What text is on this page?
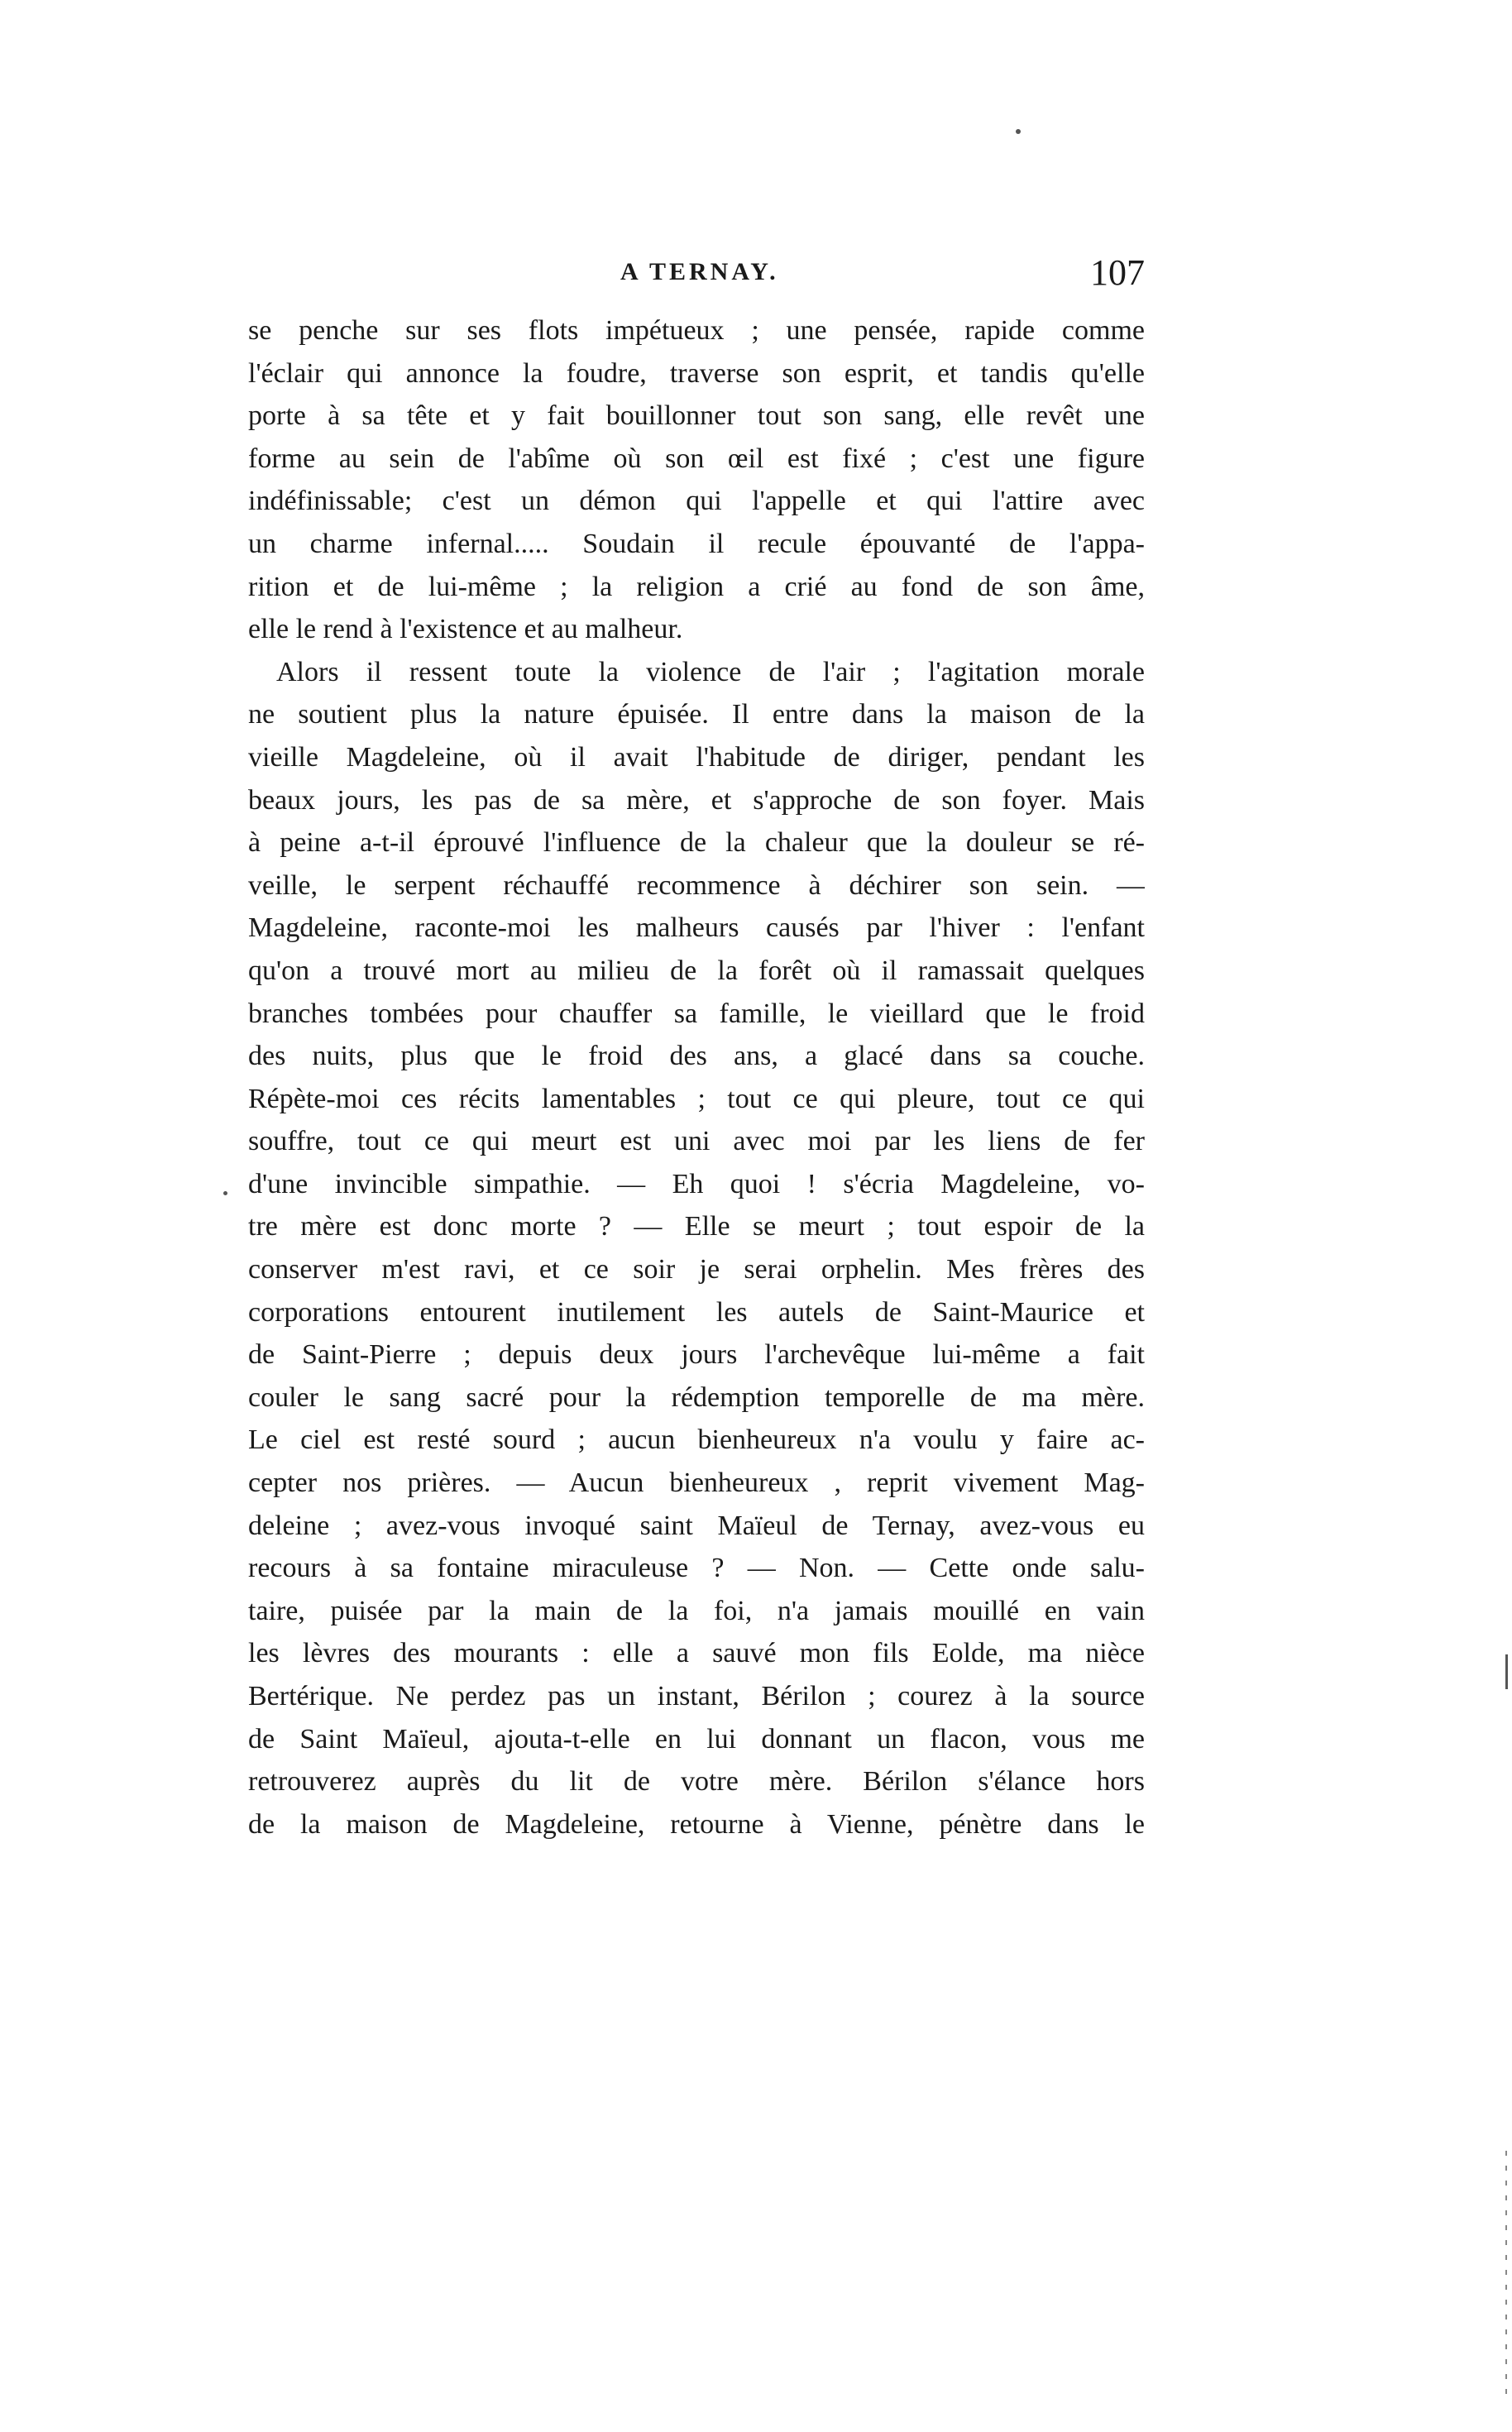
A TERNAY.	107
se penche sur ses flots impétueux ; une pensée, rapide comme
l'éclair qui annonce la foudre, traverse son esprit, et tandis qu'elle
porte à sa tête et y fait bouillonner tout son sang, elle revêt une
forme au sein de l'abîme où son œil est fixé ; c'est une figure
indéfinissable; c'est un démon qui l'appelle et qui l'attire avec
un charme infernal..... Soudain il recule épouvanté de l'appa-
rition et de lui-même ; la religion a crié au fond de son âme,
elle le rend à l'existence et au malheur.
Alors il ressent toute la violence de l'air ; l'agitation morale
ne soutient plus la nature épuisée. Il entre dans la maison de la
vieille Magdeleine, où il avait l'habitude de diriger, pendant les
beaux jours, les pas de sa mère, et s'approche de son foyer. Mais
à peine a-t-il éprouvé l'influence de la chaleur que la douleur se ré-
veille, le serpent réchauffé recommence à déchirer son sein. —
Magdeleine, raconte-moi les malheurs causés par l'hiver : l'enfant
qu'on a trouvé mort au milieu de la forêt où il ramassait quelques
branches tombées pour chauffer sa famille, le vieillard que le froid
des nuits, plus que le froid des ans, a glacé dans sa couche.
Répète-moi ces récits lamentables ; tout ce qui pleure, tout ce qui
souffre, tout ce qui meurt est uni avec moi par les liens de fer
d'une invincible simpathie. — Eh quoi ! s'écria Magdeleine, vo-
tre mère est donc morte ? — Elle se meurt ; tout espoir de la
conserver m'est ravi, et ce soir je serai orphelin. Mes frères des
corporations entourent inutilement les autels de Saint-Maurice et
de Saint-Pierre ; depuis deux jours l'archevêque lui-même a fait
couler le sang sacré pour la rédemption temporelle de ma mère.
Le ciel est resté sourd ; aucun bienheureux n'a voulu y faire ac-
cepter nos prières. — Aucun bienheureux , reprit vivement Mag-
deleine ; avez-vous invoqué saint Maïeul de Ternay, avez-vous eu
recours à sa fontaine miraculeuse ? — Non. — Cette onde salu-
taire, puisée par la main de la foi, n'a jamais mouillé en vain
les lèvres des mourants : elle a sauvé mon fils Eolde, ma nièce
Bertérique. Ne perdez pas un instant, Bérilon ; courez à la source
de Saint Maïeul, ajouta-t-elle en lui donnant un flacon, vous me
retrouverez auprès du lit de votre mère. Bérilon s'élance hors
de la maison de Magdeleine, retourne à Vienne, pénètre dans le
